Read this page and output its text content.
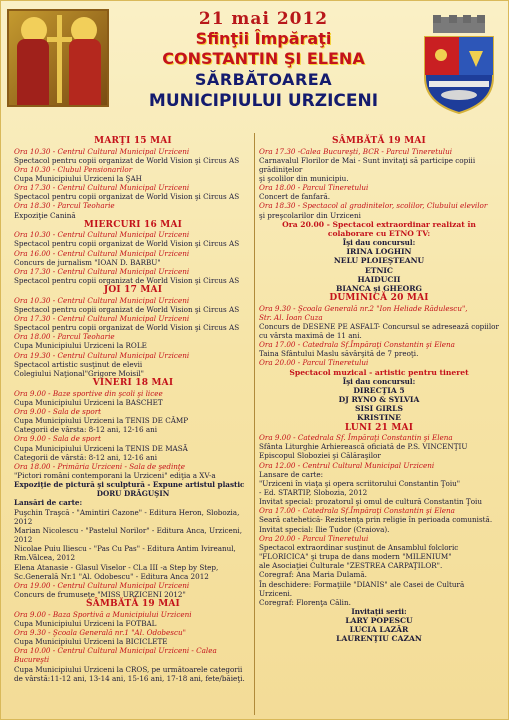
21 mai 2012
Sfinţii Împăraţi
CONSTANTIN ŞI ELENA
SĂRBĂTOAREA
MUNICIPIULUI URZICENI
MARŢI 15 MAI
Ora 10.30 - Centrul Cultural Municipal Urziceni
Spectacol pentru copii organizat de World Vision şi Circus AS
Ora 10.30 - Clubul Pensionarilor
Cupa Municipiului Urziceni la ŞAH
Ora 17.30 - Centrul Cultural Municipal Urziceni
Spectacol pentru copii organizat de World Vision şi Circus AS
Ora 18.30 - Parcul Teoharie
Expoziţie Canină
MIERCURI 16 MAI
Ora 10.30 - Centrul Cultural Municipal Urziceni
Spectacol pentru copii organizat de World Vision şi Circus AS
Ora 16.00 - Centrul Cultural Municipal Urziceni
Concurs de jurnalism "IOAN D. BARBU"
Ora 17.30 - Centrul Cultural Municipal Urziceni
Spectacol pentru copii organizat de World Vision şi Circus AS
JOI 17 MAI
Ora 10.30 - Centrul Cultural Municipal Urziceni
Spectacol pentru copii organizat de World Vision şi Circus AS
Ora 17.30 - Centrul Cultural Municipal Urziceni
Spectacol pentru copii organizat de World Vision şi Circus AS
Ora 18.00 - Parcul Teoharie
Cupa Municipiului Urziceni la ROLE
Ora 19.30 - Centrul Cultural Municipal Urziceni
Spectacol artistic susţinut de elevii
Colegiului Naţional"Grigore Moisil"
VINERI 18 MAI
Ora 9.00 - Baze sportive din şcoli şi licee
Cupa Municipiului Urziceni la BASCHET
Ora 9.00 - Sala de sport
Cupa Municipiului Urziceni la TENIS DE CÂMP
Categorii de vârsta: 8-12 ani, 12-16 ani
Ora 9.00 - Sala de sport
Cupa Municipiului Urziceni la TENIS DE MASĂ
Categorii de vârstă: 8-12 ani, 12-16 ani
Ora 18.00 - Primăria Urziceni - Sala de şedinţe
"Pictori români contemporani la Urziceni" ediţia a XV-a
Expoziţie de pictură şi sculptură - Expune artistul plastic
DORU DRĂGUŞIN
Lansări de carte:
Puşchin Traşcă - "Amintiri Cazone" - Editura Heron, Slobozia, 2012
Marian Nicolescu - "Pastelul Norilor" - Editura Anca, Urziceni, 2012
Nicolae Puiu Iliescu - "Pas Cu Pas" - Editura Antim Ivireanul,
Rm.Vâlcea, 2012
Elena Atanasie - Glasul Viselor - Cl.a III -a Step by Step,
Sc.Generală Nr.1 "Al. Odobescu" - Editura Anca 2012
Ora 19.00 - Centrul Cultural Municipal Urziceni
Concurs de frumuseţe "MISS URZICENI 2012"
SÂMBĂTĂ 19 MAI
Ora 9.00 - Baza Sportivă a Municipiului Urziceni
Cupa Municipiului Urziceni la FOTBAL
Ora 9.30 - Şcoala Generală nr.1 "Al. Odobescu"
Cupa Municipiului Urziceni la BICICLETE
Ora 10.00 - Centrul Cultural Municipal Urziceni - Calea Bucureşti
Cupa Municipiului Urziceni la CROS, pe următoarele categorii
de vârstă:11-12 ani, 13-14 ani, 15-16 ani, 17-18 ani, fete/băieţi.
SÂMBĂTĂ 19 MAI
Ora 17.30 -Calea Bucureşti, BCR - Parcul Tineretului
Carnavalul Florilor de Mai - Sunt invitaţi să participe copiii grădiniţelor
şi şcolilor din municipiu.
Ora 18.00 - Parcul Tineretului
Concert de fanfară.
Ora 18.30 - Spectacol al gradinitelor, scolilor, Clubului elevilor
şi preşcolarilor din Urziceni
Ora 20.00 - Spectacol extraordinar realizat în
colaborare cu ETNO TV:
Îşi dau concursul:
IRINA LOGHIN
NELU PLOIEŞTEANU
ETNIC
HAIDUCII
BIANCA şi GHEORG
DUMINICĂ 20 MAI
Ora 9.30 - Şcoala Generală nr.2 "Ion Heliade Rădulescu",
Str. Al. Ioan Cuza
Concurs de DESENE PE ASFALT- Concursul se adresează copiilor
cu vârsta maximă de 11 ani.
Ora 17.00 - Catedrala Sf.Împăraţi Constantin şi Elena
Taina Sfântului Maslu săvârşită de 7 preoţi.
Ora 20.00 - Parcul Tineretului
Spectacol muzical - artistic pentru tineret
Îşi dau concursul:
DIRECŢIA 5
DJ RYNO & SYLVIA
SISI GIRLS
KRISTINE
LUNI 21 MAI
Ora 9.00 - Catedrala Sf. Împăraţi Constantin şi Elena
Sfânta Liturghie Arhierească oficiată de P.S. VINCENŢIU
Episcopul Sloboziei şi Călăraşilor
Ora 12.00 - Centrul Cultural Municipal Urziceni
Lansare de carte:
"Urziceni în viaţa şi opera scriitorului Constantin Ţoiu"
- Ed. STARTIP, Slobozia, 2012
Invitat special: prozatorul şi omul de cultură Constantin Ţoiu
Ora 17.00 - Catedrala Sf.Împăraţi Constantin şi Elena
Seară catehetică- Rezistenţa prin religie în perioada comunistă.
Invitat special: Ilie Tudor (Craiova).
Ora 20.00 - Parcul Tineretului
Spectacol extraordinar susţinut de Ansamblul folcloric
"FLORICICA" şi trupa de dans modern "MILENIUM"
ale Asociaţiei Culturale "ZESTREA CARPAŢILOR".
Coregraf: Ana Maria Dulamă.
În deschidere: Formaţiile "DIANIS" ale Casei de Cultură Urziceni.
Coregraf: Florenţa Călin.
Invitaţii serii:
LARY POPESCU
LUCIA LAZĂR
LAURENŢIU CAZAN
